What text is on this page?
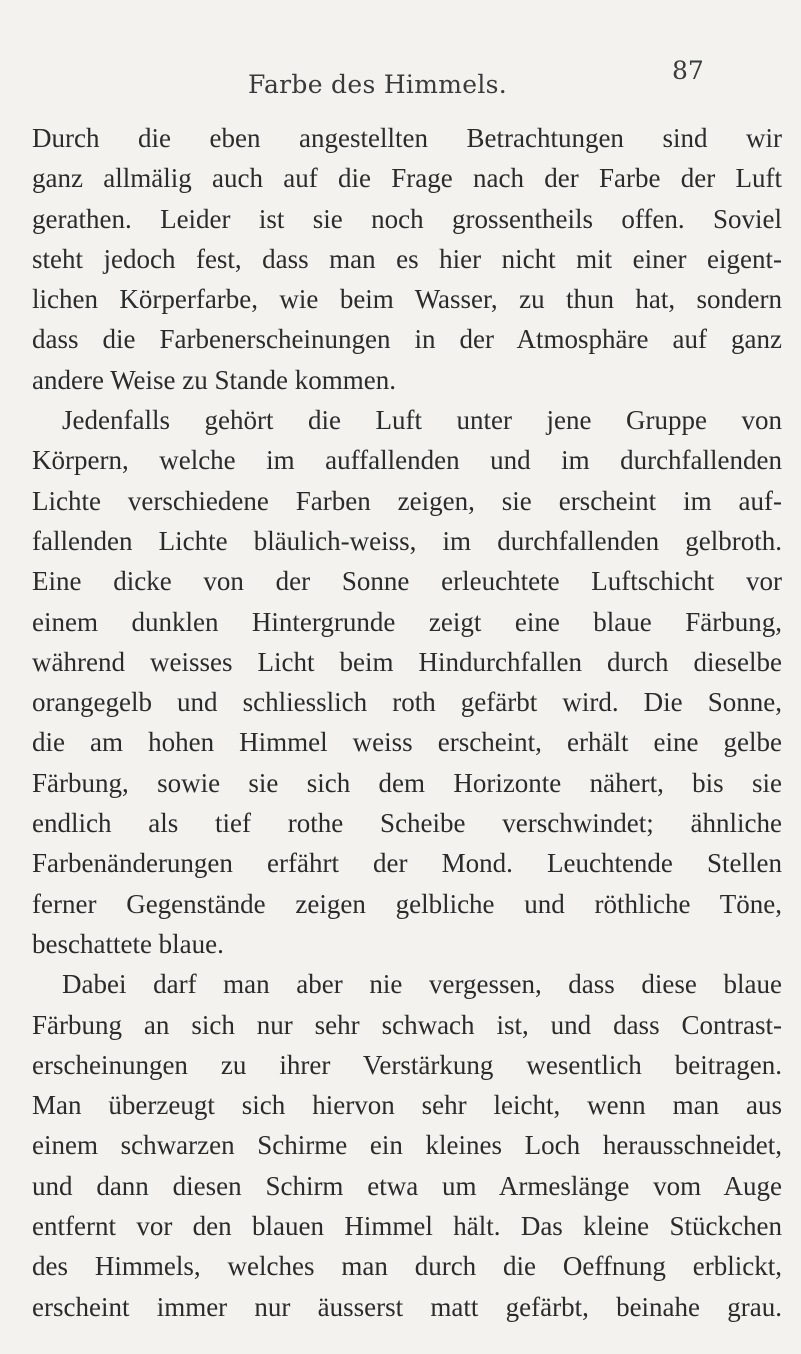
Farbe des Himmels.	87
Durch die eben angestellten Betrachtungen sind wir
ganz allmälig auch auf die Frage nach der Farbe der Luft
gerathen. Leider ist sie noch grossentheils offen. Soviel
steht jedoch fest, dass man es hier nicht mit einer eigent-
lichen Körperfarbe, wie beim Wasser, zu thun hat, sondern
dass die Farbenerscheinungen in der Atmosphäre auf ganz
andere Weise zu Stande kommen.
Jedenfalls gehört die Luft unter jene Gruppe von
Körpern, welche im auffallenden und im durchfallenden
Lichte verschiedene Farben zeigen, sie erscheint im auf-
fallenden Lichte bläulich-weiss, im durchfallenden gelbroth.
Eine dicke von der Sonne erleuchtete Luftschicht vor
einem dunklen Hintergrunde zeigt eine blaue Färbung,
während weisses Licht beim Hindurchfallen durch dieselbe
orangegelb und schliesslich roth gefärbt wird. Die Sonne,
die am hohen Himmel weiss erscheint, erhält eine gelbe
Färbung, sowie sie sich dem Horizonte nähert, bis sie
endlich als tief rothe Scheibe verschwindet; ähnliche
Farbenänderungen erfährt der Mond. Leuchtende Stellen
ferner Gegenstände zeigen gelbliche und röthliche Töne,
beschattete blaue.
Dabei darf man aber nie vergessen, dass diese blaue
Färbung an sich nur sehr schwach ist, und dass Contrast-
erscheinungen zu ihrer Verstärkung wesentlich beitragen.
Man überzeugt sich hiervon sehr leicht, wenn man aus
einem schwarzen Schirme ein kleines Loch herausschneidet,
und dann diesen Schirm etwa um Armeslänge vom Auge
entfernt vor den blauen Himmel hält. Das kleine Stückchen
des Himmels, welches man durch die Oeffnung erblickt,
erscheint immer nur äusserst matt gefärbt, beinahe grau.
